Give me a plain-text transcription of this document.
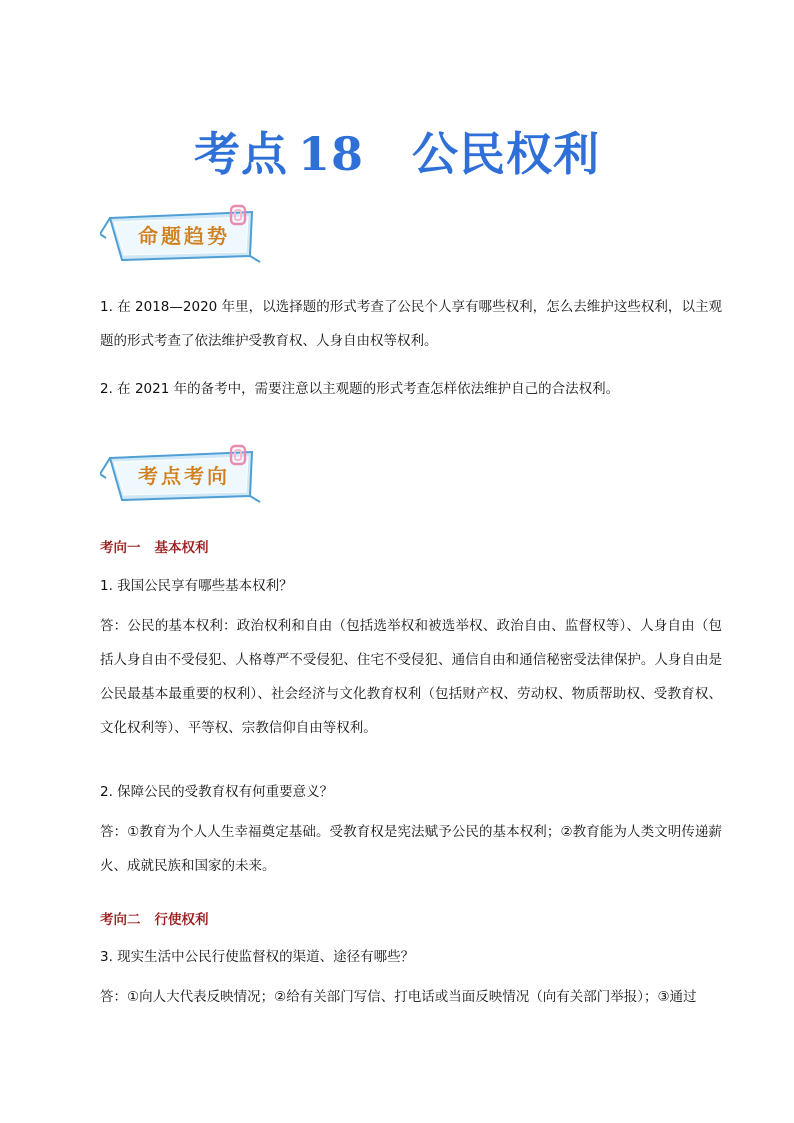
考点 18 公民权利
命题趋势
1. 在 2018—2020 年里，以选择题的形式考查了公民个人享有哪些权利，怎么去维护这些权利，以主观题的形式考查了依法维护受教育权、人身自由权等权利。
2. 在 2021 年的备考中，需要注意以主观题的形式考查怎样依法维护自己的合法权利。
考点考向
考向一 基本权利
1. 我国公民享有哪些基本权利？
答：公民的基本权利：政治权利和自由（包括选举权和被选举权、政治自由、监督权等）、人身自由（包括人身自由不受侵犯、人格尊严不受侵犯、住宅不受侵犯、通信自由和通信秘密受法律保护。人身自由是公民最基本最重要的权利）、社会经济与文化教育权利（包括财产权、劳动权、物质帮助权、受教育权、文化权利等）、平等权、宗教信仰自由等权利。
2. 保障公民的受教育权有何重要意义？
答：①教育为个人人生幸福奠定基础。受教育权是宪法赋予公民的基本权利；②教育能为人类文明传递薪火、成就民族和国家的未来。
考向二 行使权利
3. 现实生活中公民行使监督权的渠道、途径有哪些？
答：①向人大代表反映情况；②给有关部门写信、打电话或当面反映情况（向有关部门举报）；③通过
